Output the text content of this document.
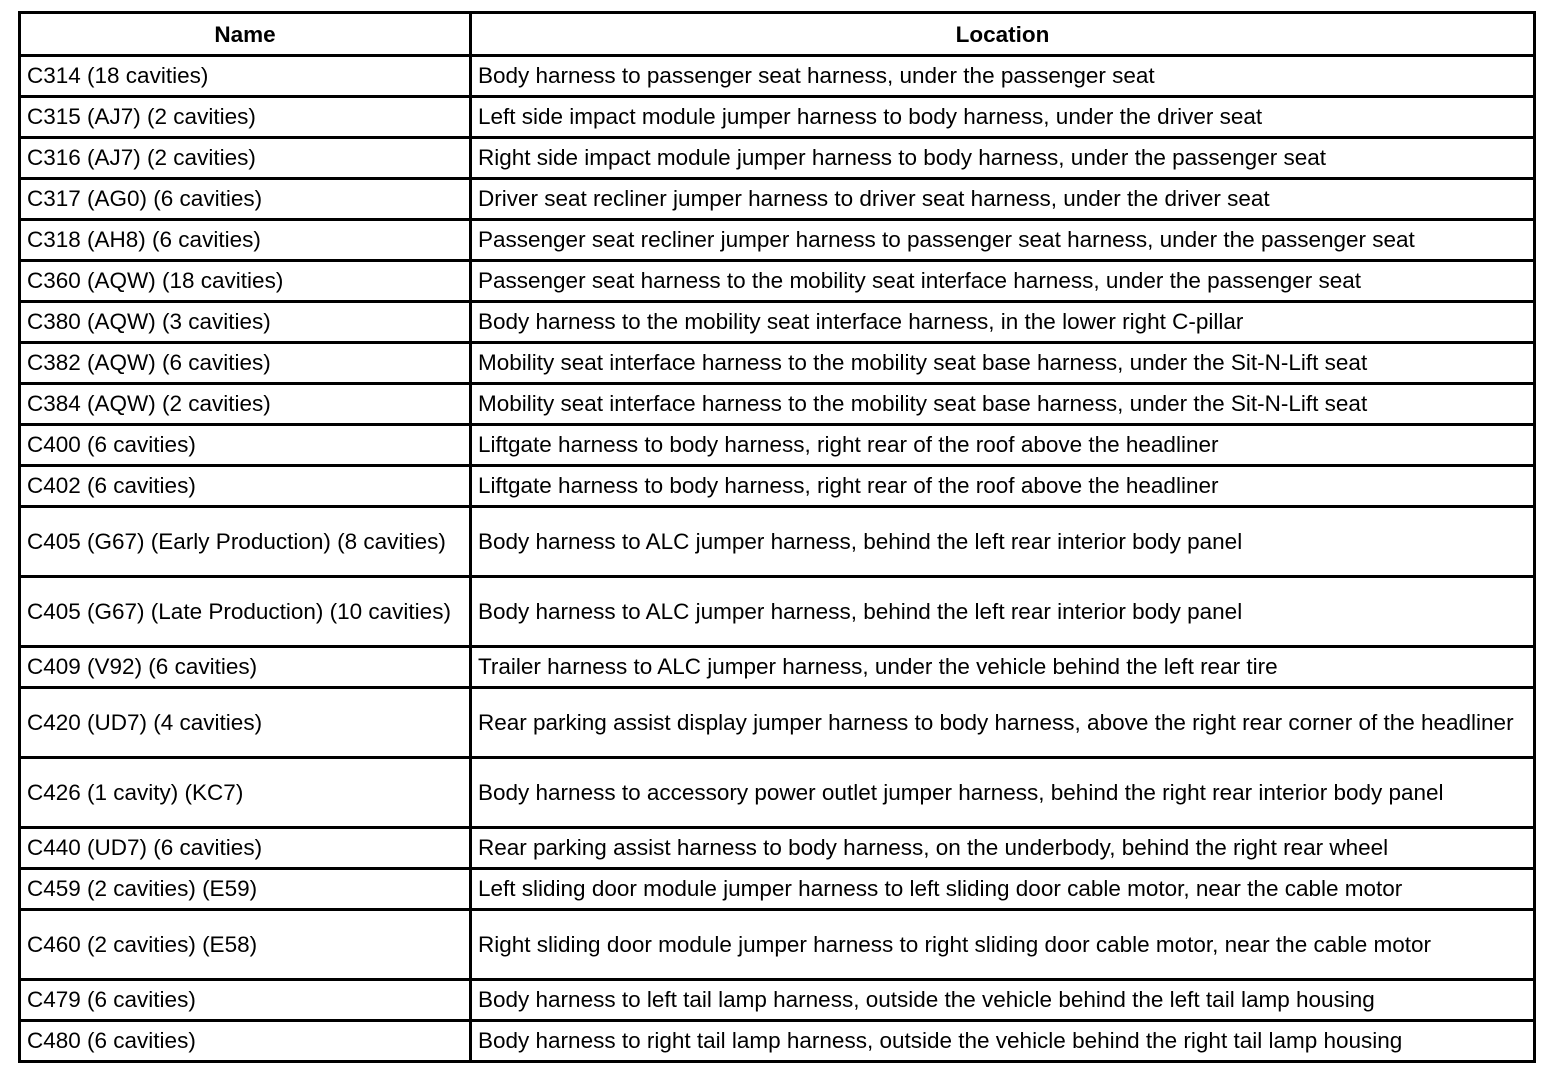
Name	Location
C314 (18 cavities)	Body harness to passenger seat harness, under the passenger seat
C315 (AJ7) (2 cavities)	Left side impact module jumper harness to body harness, under the driver seat
C316 (AJ7) (2 cavities)	Right side impact module jumper harness to body harness, under the passenger seat
C317 (AG0) (6 cavities)	Driver seat recliner jumper harness to driver seat harness, under the driver seat
C318 (AH8) (6 cavities)	Passenger seat recliner jumper harness to passenger seat harness, under the passenger seat
C360 (AQW) (18 cavities)	Passenger seat harness to the mobility seat interface harness, under the passenger seat
C380 (AQW) (3 cavities)	Body harness to the mobility seat interface harness, in the lower right C-pillar
C382 (AQW) (6 cavities)	Mobility seat interface harness to the mobility seat base harness, under the Sit-N-Lift seat
C384 (AQW) (2 cavities)	Mobility seat interface harness to the mobility seat base harness, under the Sit-N-Lift seat
C400 (6 cavities)	Liftgate harness to body harness, right rear of the roof above the headliner
C402 (6 cavities)	Liftgate harness to body harness, right rear of the roof above the headliner
C405 (G67) (Early Production) (8 cavities)	Body harness to ALC jumper harness, behind the left rear interior body panel
C405 (G67) (Late Production) (10 cavities)	Body harness to ALC jumper harness, behind the left rear interior body panel
C409 (V92) (6 cavities)	Trailer harness to ALC jumper harness, under the vehicle behind the left rear tire
C420 (UD7) (4 cavities)	Rear parking assist display jumper harness to body harness, above the right rear corner of the headliner
C426 (1 cavity) (KC7)	Body harness to accessory power outlet jumper harness, behind the right rear interior body panel
C440 (UD7) (6 cavities)	Rear parking assist harness to body harness, on the underbody, behind the right rear wheel
C459 (2 cavities) (E59)	Left sliding door module jumper harness to left sliding door cable motor, near the cable motor
C460 (2 cavities) (E58)	Right sliding door module jumper harness to right sliding door cable motor, near the cable motor
C479 (6 cavities)	Body harness to left tail lamp harness, outside the vehicle behind the left tail lamp housing
C480 (6 cavities)	Body harness to right tail lamp harness, outside the vehicle behind the right tail lamp housing
